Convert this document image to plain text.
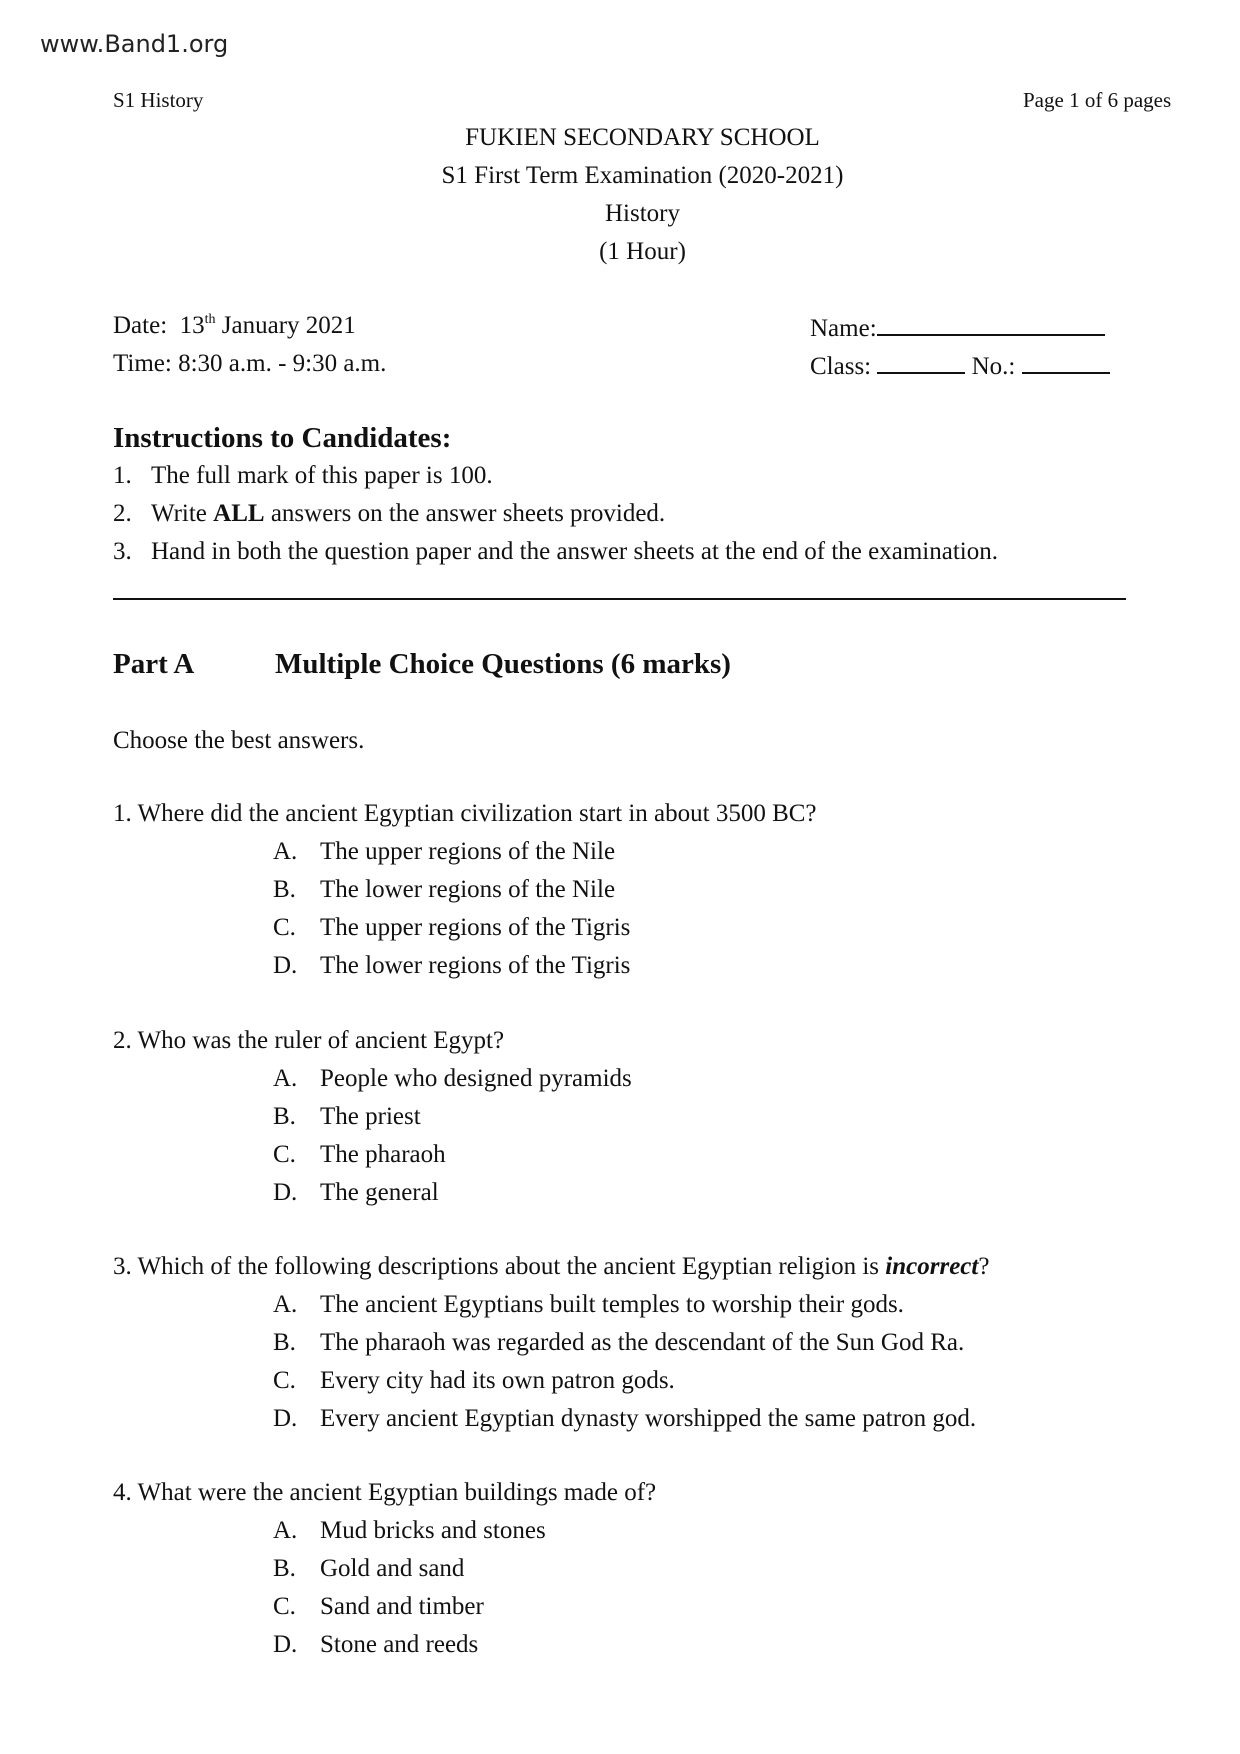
www.Band1.org
S1 History	Page 1 of 6 pages
FUKIEN SECONDARY SCHOOL
S1 First Term Examination (2020-2021)
History
(1 Hour)
Date: 13th January 2021
Time: 8:30 a.m. - 9:30 a.m.
Name:
Class:	No.:
Instructions to Candidates:
1. The full mark of this paper is 100.
2. Write ALL answers on the answer sheets provided.
3. Hand in both the question paper and the answer sheets at the end of the examination.
Part A	Multiple Choice Questions (6 marks)
Choose the best answers.
1. Where did the ancient Egyptian civilization start in about 3500 BC?
A. The upper regions of the Nile
B. The lower regions of the Nile
C. The upper regions of the Tigris
D. The lower regions of the Tigris
2. Who was the ruler of ancient Egypt?
A. People who designed pyramids
B. The priest
C. The pharaoh
D. The general
3. Which of the following descriptions about the ancient Egyptian religion is incorrect?
A. The ancient Egyptians built temples to worship their gods.
B. The pharaoh was regarded as the descendant of the Sun God Ra.
C. Every city had its own patron gods.
D. Every ancient Egyptian dynasty worshipped the same patron god.
4. What were the ancient Egyptian buildings made of?
A. Mud bricks and stones
B. Gold and sand
C. Sand and timber
D. Stone and reeds
